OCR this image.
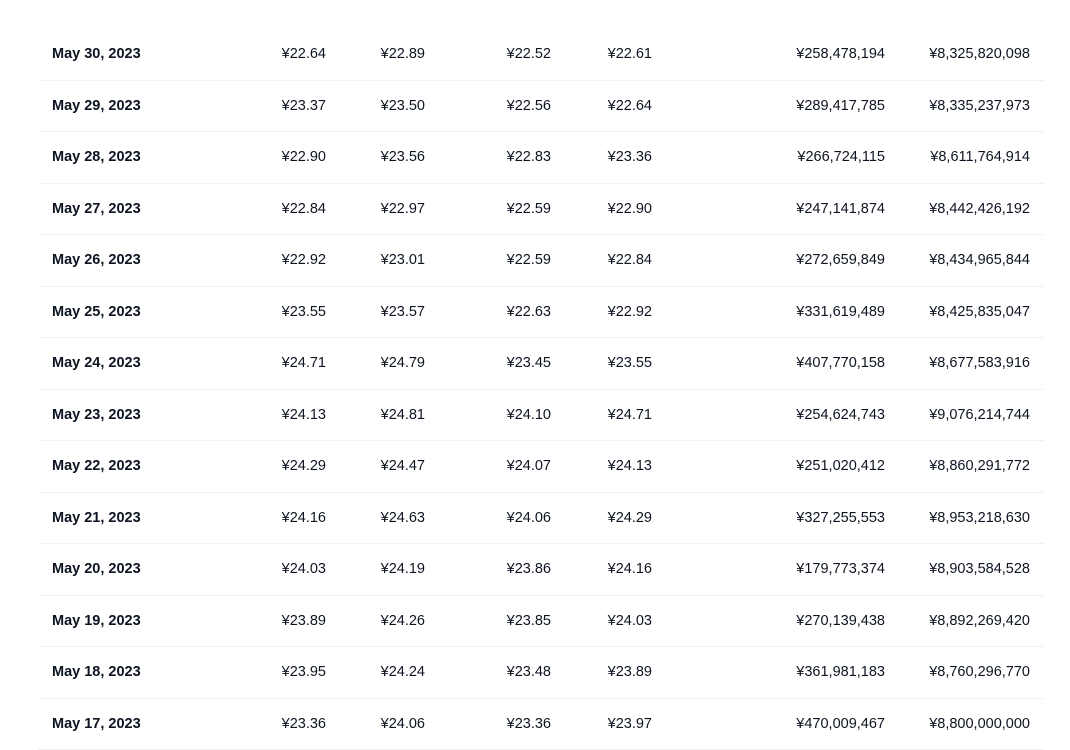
May 30, 2023	¥22.64	¥22.89	¥22.52	¥22.61	¥258,478,194	¥8,325,820,098
May 29, 2023	¥23.37	¥23.50	¥22.56	¥22.64	¥289,417,785	¥8,335,237,973
May 28, 2023	¥22.90	¥23.56	¥22.83	¥23.36	¥266,724,115	¥8,611,764,914
May 27, 2023	¥22.84	¥22.97	¥22.59	¥22.90	¥247,141,874	¥8,442,426,192
May 26, 2023	¥22.92	¥23.01	¥22.59	¥22.84	¥272,659,849	¥8,434,965,844
May 25, 2023	¥23.55	¥23.57	¥22.63	¥22.92	¥331,619,489	¥8,425,835,047
May 24, 2023	¥24.71	¥24.79	¥23.45	¥23.55	¥407,770,158	¥8,677,583,916
May 23, 2023	¥24.13	¥24.81	¥24.10	¥24.71	¥254,624,743	¥9,076,214,744
May 22, 2023	¥24.29	¥24.47	¥24.07	¥24.13	¥251,020,412	¥8,860,291,772
May 21, 2023	¥24.16	¥24.63	¥24.06	¥24.29	¥327,255,553	¥8,953,218,630
May 20, 2023	¥24.03	¥24.19	¥23.86	¥24.16	¥179,773,374	¥8,903,584,528
May 19, 2023	¥23.89	¥24.26	¥23.85	¥24.03	¥270,139,438	¥8,892,269,420
May 18, 2023	¥23.95	¥24.24	¥23.48	¥23.89	¥361,981,183	¥8,760,296,770
May 17, 2023	¥23.36	¥24.06	¥23.36	¥23.97	¥470,009,467	¥8,800,000,000
